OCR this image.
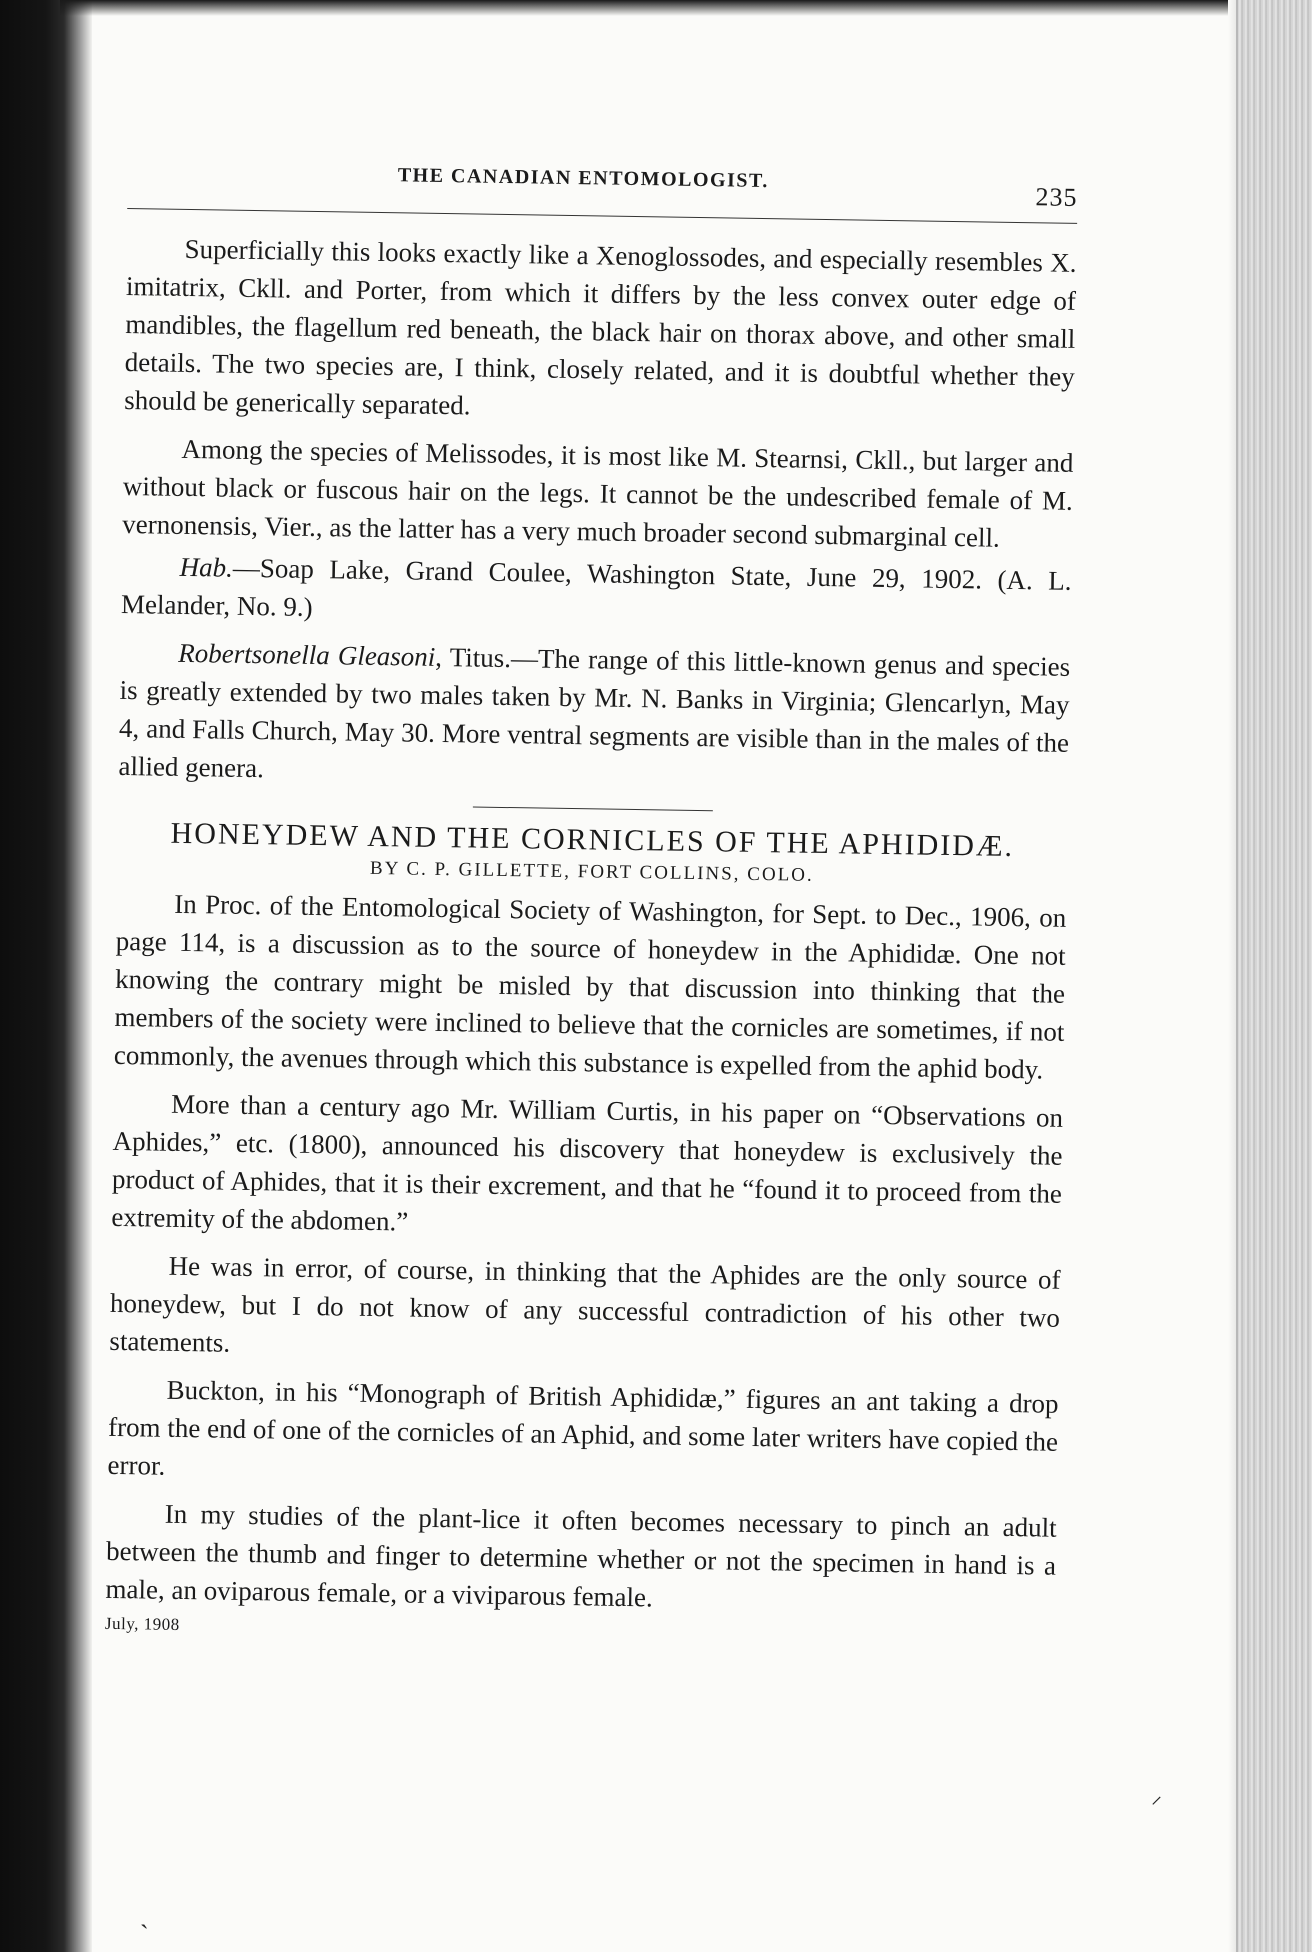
THE CANADIAN ENTOMOLOGIST.
235

Superficially this looks exactly like a Xenoglossodes, and especially resembles X. imitatrix, Ckll. and Porter, from which it differs by the less convex outer edge of mandibles, the flagellum red beneath, the black hair on thorax above, and other small details. The two species are, I think, closely related, and it is doubtful whether they should be generically separated.

Among the species of Melissodes, it is most like M. Stearnsi, Ckll., but larger and without black or fuscous hair on the legs. It cannot be the undescribed female of M. vernonensis, Vier., as the latter has a very much broader second submarginal cell.

Hab.—Soap Lake, Grand Coulee, Washington State, June 29, 1902. (A. L. Melander, No. 9.)

Robertsonella Gleasoni, Titus.—The range of this little-known genus and species is greatly extended by two males taken by Mr. N. Banks in Virginia; Glencarlyn, May 4, and Falls Church, May 30. More ventral segments are visible than in the males of the allied genera.

HONEYDEW AND THE CORNICLES OF THE APHIDIDÆ.
BY C. P. GILLETTE, FORT COLLINS, COLO.

In Proc. of the Entomological Society of Washington, for Sept. to Dec., 1906, on page 114, is a discussion as to the source of honeydew in the Aphididæ. One not knowing the contrary might be misled by that discussion into thinking that the members of the society were inclined to believe that the cornicles are sometimes, if not commonly, the avenues through which this substance is expelled from the aphid body.

More than a century ago Mr. William Curtis, in his paper on “Observations on Aphides,” etc. (1800), announced his discovery that honeydew is exclusively the product of Aphides, that it is their excrement, and that he “found it to proceed from the extremity of the abdomen.”

He was in error, of course, in thinking that the Aphides are the only source of honeydew, but I do not know of any successful contradiction of his other two statements.

Buckton, in his “Monograph of British Aphididæ,” figures an ant taking a drop from the end of one of the cornicles of an Aphid, and some later writers have copied the error.

In my studies of the plant-lice it often becomes necessary to pinch an adult between the thumb and finger to determine whether or not the specimen in hand is a male, an oviparous female, or a viviparous female.

July, 1908
⸝
ˎ
